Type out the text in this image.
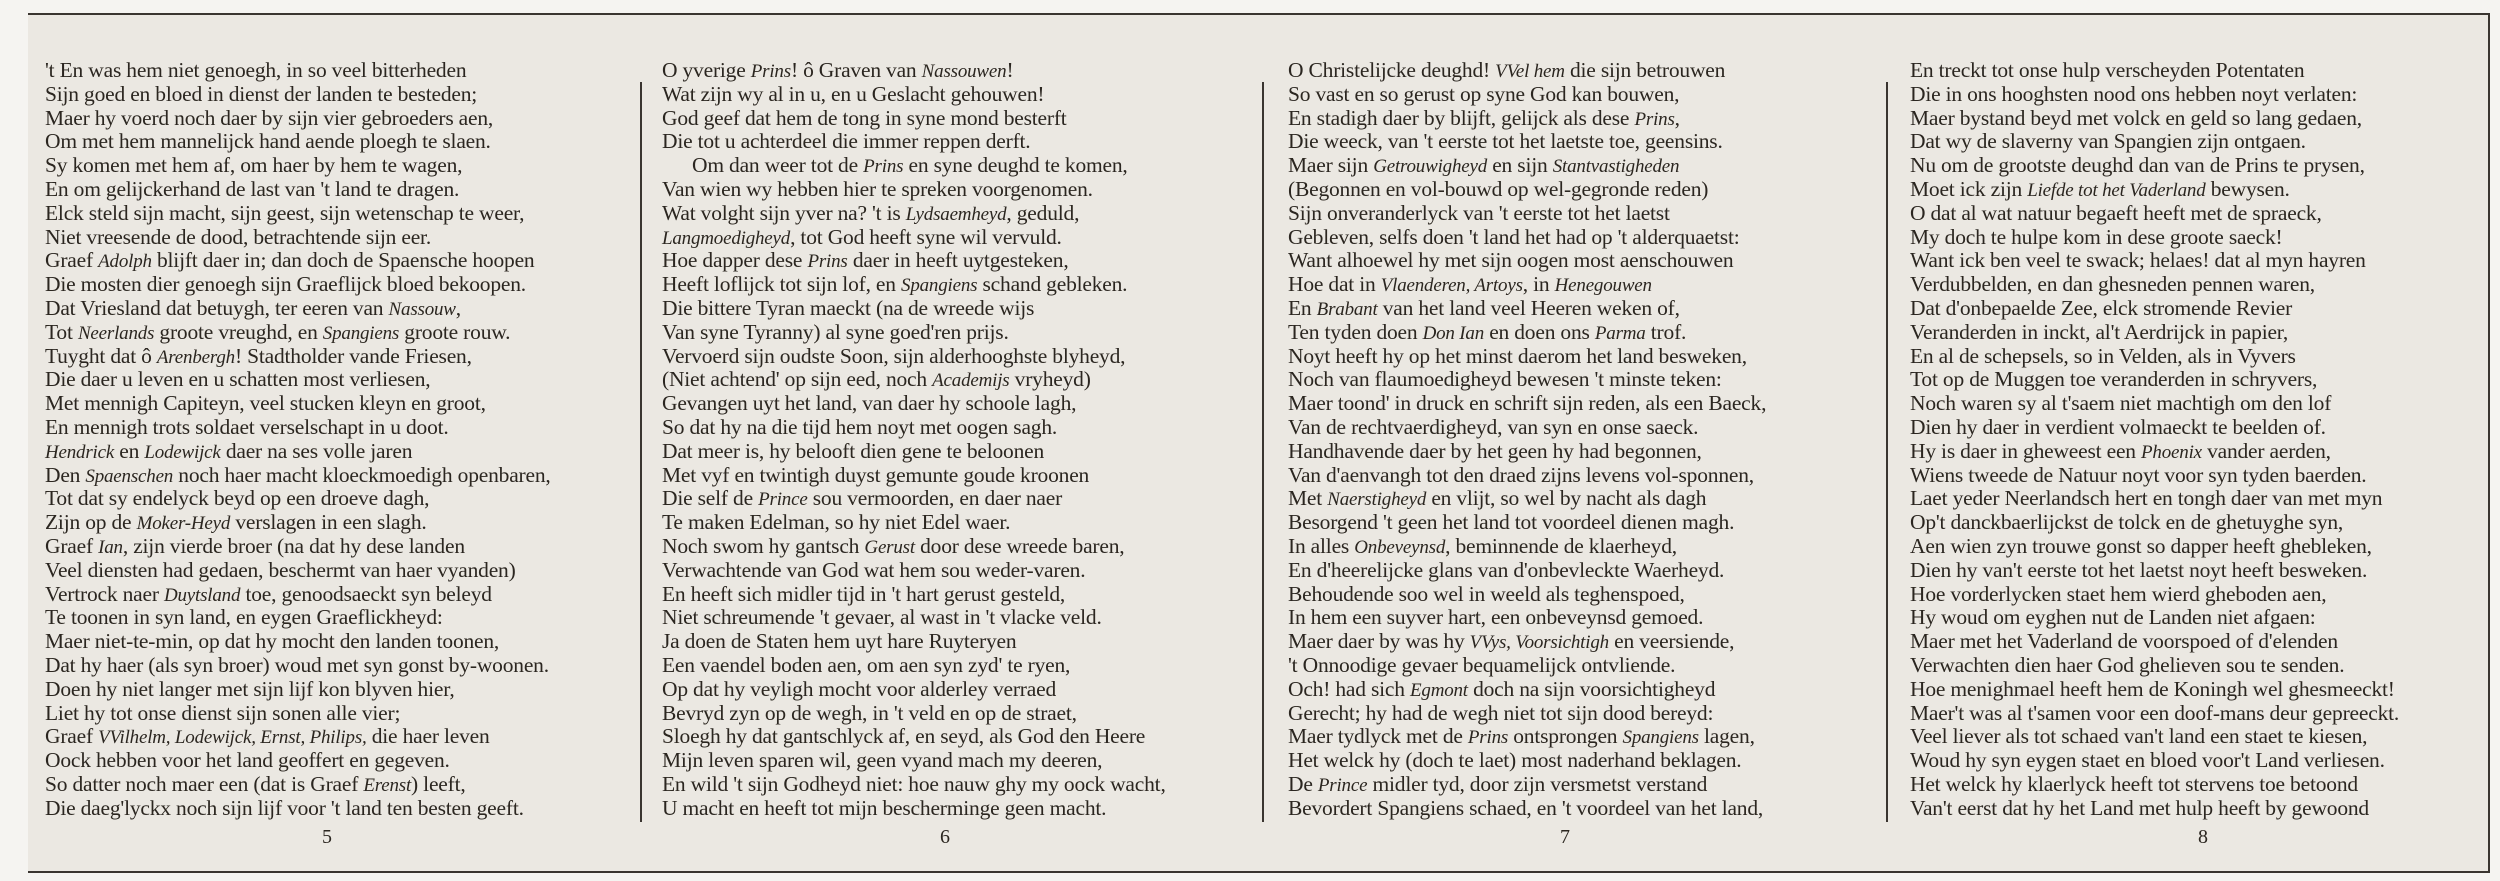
't En was hem niet genoegh, in so veel bitterheden
Sijn goed en bloed in dienst der landen te besteden;
Maer hy voerd noch daer by sijn vier gebroeders aen,
Om met hem mannelijck hand aende ploegh te slaen.
Sy komen met hem af, om haer by hem te wagen,
En om gelijckerhand de last van 't land te dragen.
Elck steld sijn macht, sijn geest, sijn wetenschap te weer,
Niet vreesende de dood, betrachtende sijn eer.
Graef Adolph blijft daer in; dan doch de Spaensche hoopen
Die mosten dier genoegh sijn Graeflijck bloed bekoopen.
Dat Vriesland dat betuygh, ter eeren van Nassouw,
Tot Neerlands groote vreughd, en Spangiens groote rouw.
Tuyght dat ô Arenbergh! Stadtholder vande Friesen,
Die daer u leven en u schatten most verliesen,
Met mennigh Capiteyn, veel stucken kleyn en groot,
En mennigh trots soldaet verselschapt in u doot.
Hendrick en Lodewijck daer na ses volle jaren
Den Spaenschen noch haer macht kloeckmoedigh openbaren,
Tot dat sy endelyck beyd op een droeve dagh,
Zijn op de Moker-Heyd verslagen in een slagh.
Graef Ian, zijn vierde broer (na dat hy dese landen
Veel diensten had gedaen, beschermt van haer vyanden)
Vertrock naer Duytsland toe, genoodsaeckt syn beleyd
Te toonen in syn land, en eygen Graeflickheyd:
Maer niet-te-min, op dat hy mocht den landen toonen,
Dat hy haer (als syn broer) woud met syn gonst by-woonen.
Doen hy niet langer met sijn lijf kon blyven hier,
Liet hy tot onse dienst sijn sonen alle vier;
Graef VVilhelm, Lodewijck, Ernst, Philips, die haer leven
Oock hebben voor het land geoffert en gegeven.
So datter noch maer een (dat is Graef Erenst) leeft,
Die daeg'lyckx noch sijn lijf voor 't land ten besten geeft.
O yverige Prins! ô Graven van Nassouwen!
Wat zijn wy al in u, en u Geslacht gehouwen!
God geef dat hem de tong in syne mond besterft
Die tot u achterdeel die immer reppen derft.
Om dan weer tot de Prins en syne deughd te komen,
Van wien wy hebben hier te spreken voorgenomen.
Wat volght sijn yver na? 't is Lydsaemheyd, geduld,
Langmoedigheyd, tot God heeft syne wil vervuld.
Hoe dapper dese Prins daer in heeft uytgesteken,
Heeft loflijck tot sijn lof, en Spangiens schand gebleken.
Die bittere Tyran maeckt (na de wreede wijs
Van syne Tyranny) al syne goed'ren prijs.
Vervoerd sijn oudste Soon, sijn alderhooghste blyheyd,
(Niet achtend' op sijn eed, noch Academijs vryheyd)
Gevangen uyt het land, van daer hy schoole lagh,
So dat hy na die tijd hem noyt met oogen sagh.
Dat meer is, hy belooft dien gene te beloonen
Met vyf en twintigh duyst gemunte goude kroonen
Die self de Prince sou vermoorden, en daer naer
Te maken Edelman, so hy niet Edel waer.
Noch swom hy gantsch Gerust door dese wreede baren,
Verwachtende van God wat hem sou weder-varen.
En heeft sich midler tijd in 't hart gerust gesteld,
Niet schreumende 't gevaer, al wast in 't vlacke veld.
Ja doen de Staten hem uyt hare Ruyteryen
Een vaendel boden aen, om aen syn zyd' te ryen,
Op dat hy veyligh mocht voor alderley verraed
Bevryd zyn op de wegh, in 't veld en op de straet,
Sloegh hy dat gantschlyck af, en seyd, als God den Heere
Mijn leven sparen wil, geen vyand mach my deeren,
En wild 't sijn Godheyd niet: hoe nauw ghy my oock wacht,
U macht en heeft tot mijn bescherminge geen macht.
O Christelijcke deughd! VVel hem die sijn betrouwen
So vast en so gerust op syne God kan bouwen,
En stadigh daer by blijft, gelijck als dese Prins,
Die weeck, van 't eerste tot het laetste toe, geensins.
Maer sijn Getrouwigheyd en sijn Stantvastigheden
(Begonnen en vol-bouwd op wel-gegronde reden)
Sijn onveranderlyck van 't eerste tot het laetst
Gebleven, selfs doen 't land het had op 't alderquaetst:
Want alhoewel hy met sijn oogen most aenschouwen
Hoe dat in Vlaenderen, Artoys, in Henegouwen
En Brabant van het land veel Heeren weken of,
Ten tyden doen Don Ian en doen ons Parma trof.
Noyt heeft hy op het minst daerom het land besweken,
Noch van flaumoedigheyd bewesen 't minste teken:
Maer toond' in druck en schrift sijn reden, als een Baeck,
Van de rechtvaerdigheyd, van syn en onse saeck.
Handhavende daer by het geen hy had begonnen,
Van d'aenvangh tot den draed zijns levens vol-sponnen,
Met Naerstigheyd en vlijt, so wel by nacht als dagh
Besorgend 't geen het land tot voordeel dienen magh.
In alles Onbeveynsd, beminnende de klaerheyd,
En d'heerelijcke glans van d'onbevleckte Waerheyd.
Behoudende soo wel in weeld als teghenspoed,
In hem een suyver hart, een onbeveynsd gemoed.
Maer daer by was hy VVys, Voorsichtigh en veersiende,
't Onnoodige gevaer bequamelijck ontvliende.
Och! had sich Egmont doch na sijn voorsichtigheyd
Gerecht; hy had de wegh niet tot sijn dood bereyd:
Maer tydlyck met de Prins ontsprongen Spangiens lagen,
Het welck hy (doch te laet) most naderhand beklagen.
De Prince midler tyd, door zijn versmetst verstand
Bevordert Spangiens schaed, en 't voordeel van het land,
En treckt tot onse hulp verscheyden Potentaten
Die in ons hooghsten nood ons hebben noyt verlaten:
Maer bystand beyd met volck en geld so lang gedaen,
Dat wy de slaverny van Spangien zijn ontgaen.
Nu om de grootste deughd dan van de Prins te prysen,
Moet ick zijn Liefde tot het Vaderland bewysen.
O dat al wat natuur begaeft heeft met de spraeck,
My doch te hulpe kom in dese groote saeck!
Want ick ben veel te swack; helaes! dat al myn hayren
Verdubbelden, en dan ghesneden pennen waren,
Dat d'onbepaelde Zee, elck stromende Revier
Veranderden in inckt, al't Aerdrijck in papier,
En al de schepsels, so in Velden, als in Vyvers
Tot op de Muggen toe veranderden in schryvers,
Noch waren sy al t'saem niet machtigh om den lof
Dien hy daer in verdient volmaeckt te beelden of.
Hy is daer in gheweest een Phoenix vander aerden,
Wiens tweede de Natuur noyt voor syn tyden baerden.
Laet yeder Neerlandsch hert en tongh daer van met myn
Op't danckbaerlijckst de tolck en de ghetuyghe syn,
Aen wien zyn trouwe gonst so dapper heeft ghebleken,
Dien hy van't eerste tot het laetst noyt heeft besweken.
Hoe vorderlycken staet hem wierd gheboden aen,
Hy woud om eyghen nut de Landen niet afgaen:
Maer met het Vaderland de voorspoed of d'elenden
Verwachten dien haer God ghelieven sou te senden.
Hoe menighmael heeft hem de Koningh wel ghesmeeckt!
Maer't was al t'samen voor een doof-mans deur gepreeckt.
Veel liever als tot schaed van't land een staet te kiesen,
Woud hy syn eygen staet en bloed voor't Land verliesen.
Het welck hy klaerlyck heeft tot stervens toe betoond
Van't eerst dat hy het Land met hulp heeft by gewoond
5	6	7	8
